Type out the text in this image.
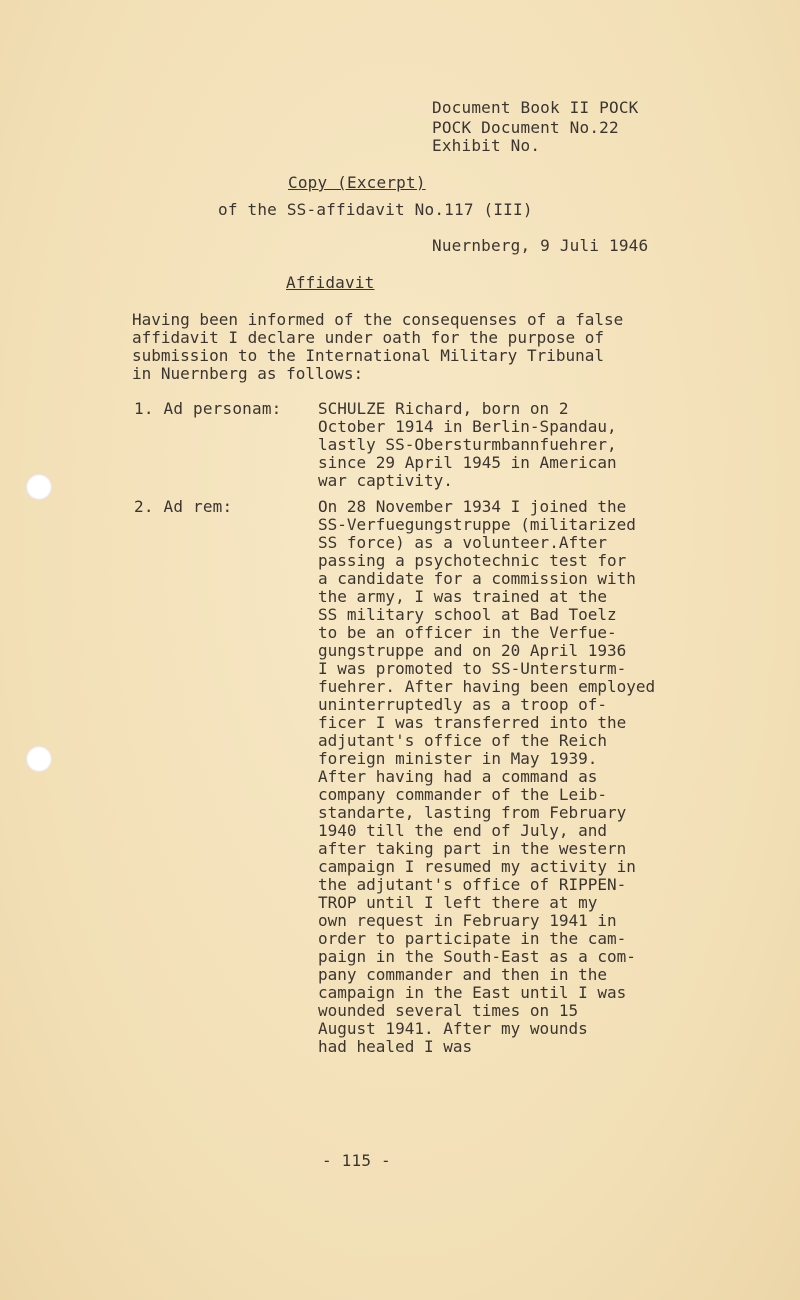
Document Book II POCK
POCK Document No.22
Exhibit No.
Copy (Excerpt)
of the SS-affidavit No.117 (III)
Nuernberg, 9 Juli 1946
Affidavit
Having been informed of the consequenses of a false
affidavit I declare under oath for the purpose of
submission to the International Military Tribunal
in Nuernberg as follows:
1. Ad personam: SCHULZE Richard, born on 2
October 1914 in Berlin-Spandau,
lastly SS-Obersturmbannfuehrer,
since 29 April 1945 in American
war captivity.
2. Ad rem:	On 28 November 1934 I joined the
SS-Verfuegungstruppe (militarized
SS force) as a volunteer.After
passing a psychotechnic test for
a candidate for a commission with
the army, I was trained at the
SS military school at Bad Toelz
to be an officer in the Verfue-
gungstruppe and on 20 April 1936
I was promoted to SS-Untersturm-
fuehrer. After having been employed
uninterruptedly as a troop of-
ficer I was transferred into the
adjutant's office of the Reich
foreign minister in May 1939.
After having had a command as
company commander of the Leib-
standarte, lasting from February
1940 till the end of July, and
after taking part in the western
campaign I resumed my activity in
the adjutant's office of RIPPEN-
TROP until I left there at my
own request in February 1941 in
order to participate in the cam-
paign in the South-East as a com-
pany commander and then in the
campaign in the East until I was
wounded several times on 15
August 1941. After my wounds
had healed I was
- 115 -
